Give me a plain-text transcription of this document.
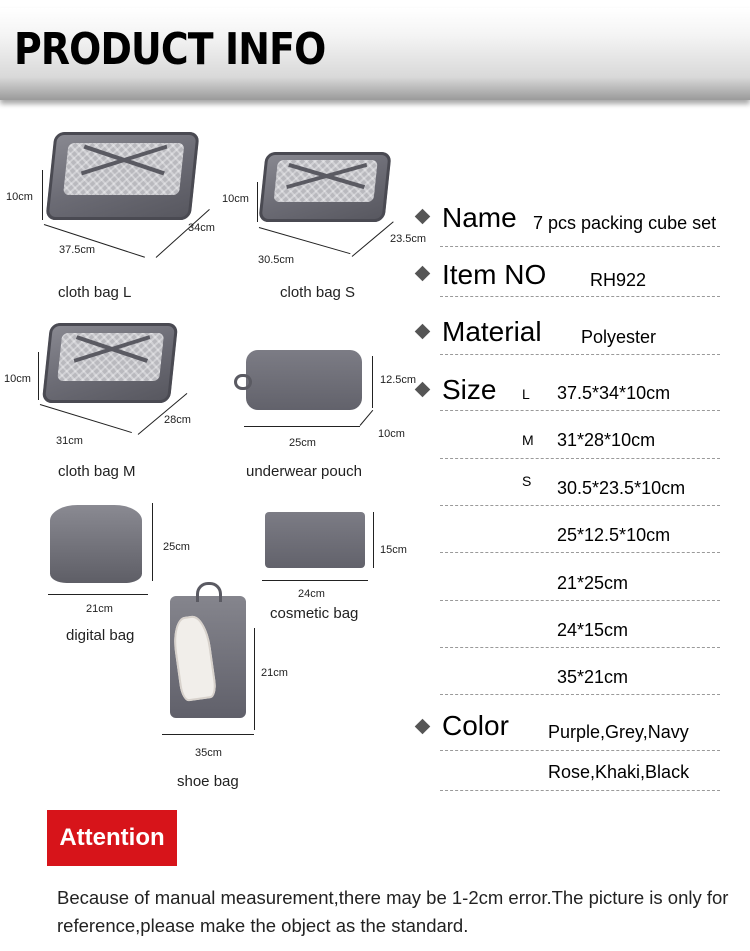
PRODUCT INFO
10cm
37.5cm
34cm
cloth bag L
10cm
30.5cm
23.5cm
cloth bag S
10cm
31cm
28cm
cloth bag M
12.5cm
25cm
10cm
underwear pouch
25cm
21cm
digital bag
15cm
24cm
cosmetic bag
21cm
35cm
shoe bag
Name 7 pcs packing cube set
Item NO RH922
Material Polyester
Size L 37.5*34*10cm
M 31*28*10cm
S 30.5*23.5*10cm
25*12.5*10cm
21*25cm
24*15cm
35*21cm
Color Purple,Grey,Navy
Rose,Khaki,Black
Attention
Because of manual measurement,there may be 1-2cm error.The picture is only for reference,please make the object as the standard.
